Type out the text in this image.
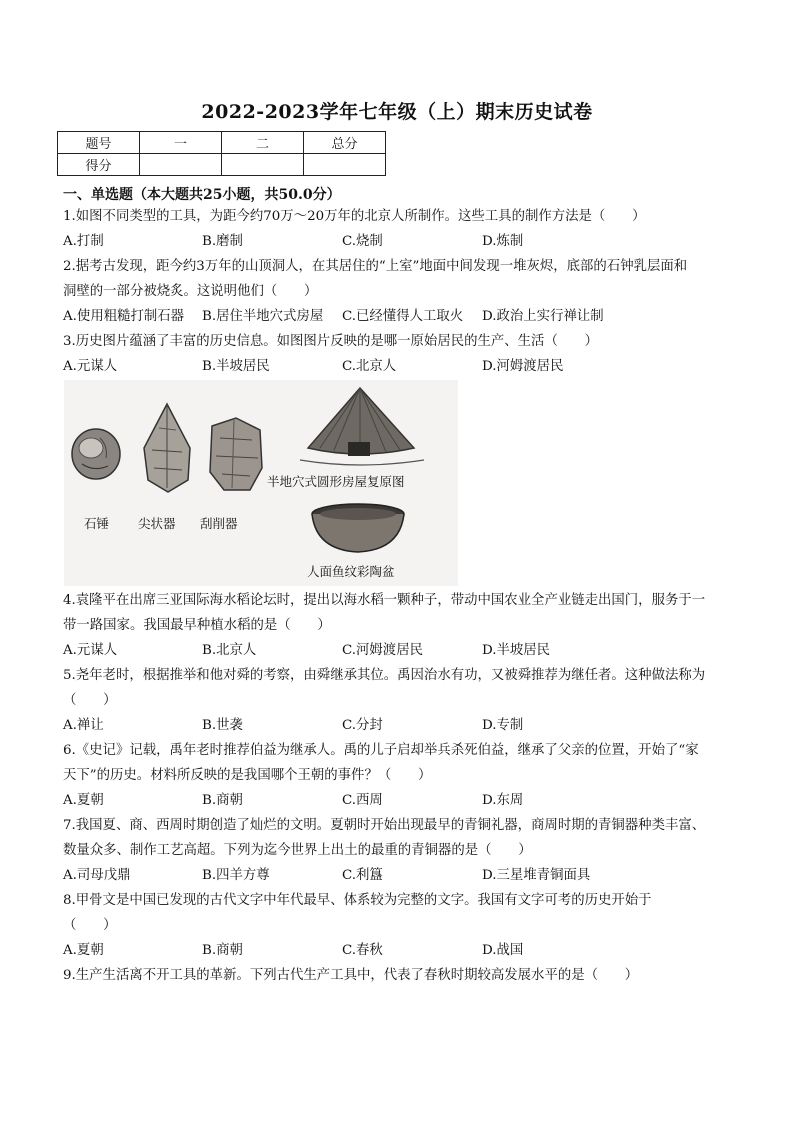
2022-2023学年七年级（上）期末历史试卷
题号	一	二	总分
得分			
一、单选题（本大题共25小题，共50.0分）
1.如图不同类型的工具，为距今约70万～20万年的北京人所制作。这些工具的制作方法是（　　）
A.打制	B.磨制	C.烧制	D.炼制
2.据考古发现，距今约3万年的山顶洞人，在其居住的“上室”地面中间发现一堆灰烬，底部的石钟乳层面和
洞壁的一部分被烧炙。这说明他们（　　）
A.使用粗糙打制石器 B.居住半地穴式房屋 C.已经懂得人工取火 D.政治上实行禅让制
3.历史图片蕴涵了丰富的历史信息。如图图片反映的是哪一原始居民的生产、生活（　　）
A.元谋人	B.半坡居民	C.北京人	D.河姆渡居民
石锤 尖状器 刮削器
半地穴式圆形房屋复原图
人面鱼纹彩陶盆
4.袁隆平在出席三亚国际海水稻论坛时，提出以海水稻一颗种子，带动中国农业全产业链走出国门，服务于一
带一路国家。我国最早种植水稻的是（　　）
A.元谋人	B.北京人	C.河姆渡居民	D.半坡居民
5.尧年老时，根据推举和他对舜的考察，由舜继承其位。禹因治水有功，又被舜推荐为继任者。这种做法称为
（　　）
A.禅让	B.世袭	C.分封	D.专制
6.《史记》记载，禹年老时推荐伯益为继承人。禹的儿子启却举兵杀死伯益，继承了父亲的位置，开始了“家
天下”的历史。材料所反映的是我国哪个王朝的事件？（　　）
A.夏朝	B.商朝	C.西周	D.东周
7.我国夏、商、西周时期创造了灿烂的文明。夏朝时开始出现最早的青铜礼器，商周时期的青铜器种类丰富、
数量众多、制作工艺高超。下列为迄今世界上出土的最重的青铜器的是（　　）
A.司母戊鼎	B.四羊方尊	C.利簋	D.三星堆青铜面具
8.甲骨文是中国已发现的古代文字中年代最早、体系较为完整的文字。我国有文字可考的历史开始于
（　　）
A.夏朝	B.商朝	C.春秋	D.战国
9.生产生活离不开工具的革新。下列古代生产工具中，代表了春秋时期较高发展水平的是（　　）
